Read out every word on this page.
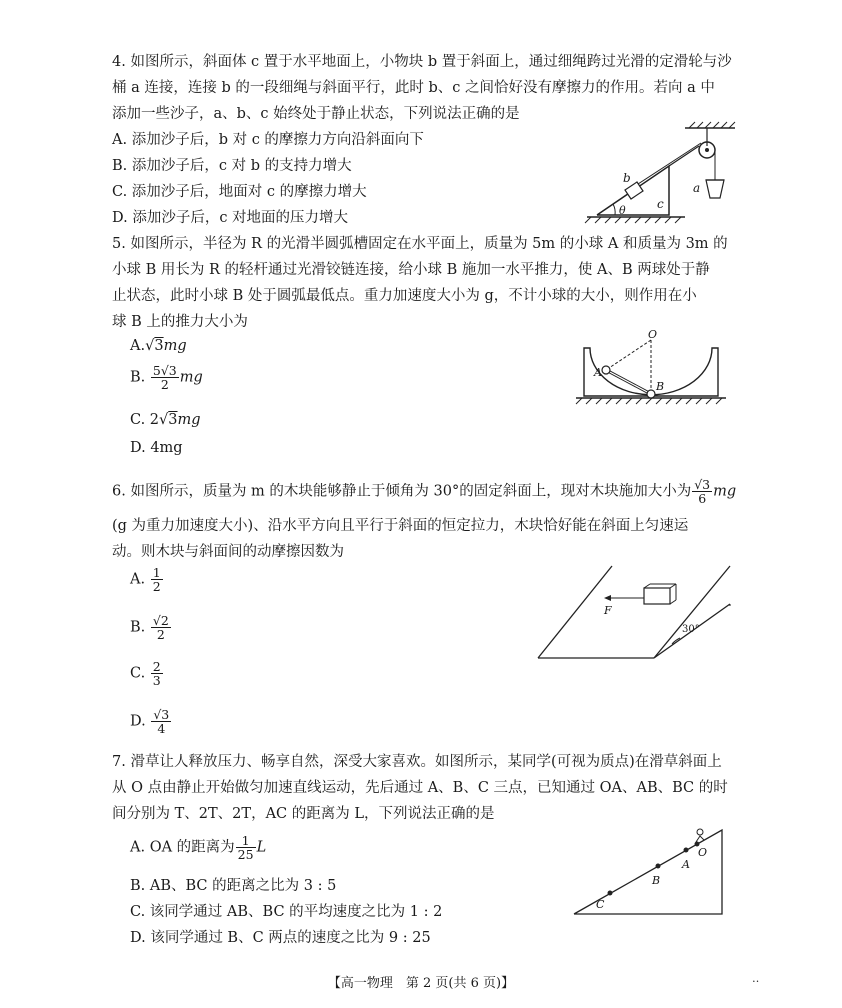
4. 如图所示，斜面体 c 置于水平地面上，小物块 b 置于斜面上，通过细绳跨过光滑的定滑轮与沙
桶 a 连接，连接 b 的一段细绳与斜面平行，此时 b、c 之间恰好没有摩擦力的作用。若向 a 中
添加一些沙子，a、b、c 始终处于静止状态，下列说法正确的是
A. 添加沙子后，b 对 c 的摩擦力方向沿斜面向下
B. 添加沙子后，c 对 b 的支持力增大
C. 添加沙子后，地面对 c 的摩擦力增大
D. 添加沙子后，c 对地面的压力增大
b
a
c
θ
5. 如图所示，半径为 R 的光滑半圆弧槽固定在水平面上，质量为 5m 的小球 A 和质量为 3m 的
小球 B 用长为 R 的轻杆通过光滑铰链连接，给小球 B 施加一水平推力，使 A、B 两球处于静
止状态，此时小球 B 处于圆弧最低点。重力加速度大小为 g，不计小球的大小，则作用在小
球 B 上的推力大小为
A.√3mg
B. $\frac{5√3}{2}$ mg
C. 2√3mg
D. 4mg
O
A
B
6. 如图所示，质量为 m 的木块能够静止于倾角为 30°的固定斜面上，现对木块施加大小为 $\frac{√3}{6}$ mg
(g 为重力加速度大小)、沿水平方向且平行于斜面的恒定拉力，木块恰好能在斜面上匀速运
动。则木块与斜面间的动摩擦因数为
A. $\frac{1}{2}$
B. $\frac{√2}{2}$
C. $\frac{2}{3}$
D. $\frac{√3}{4}$
F
30°
7. 滑草让人释放压力、畅享自然，深受大家喜欢。如图所示，某同学(可视为质点)在滑草斜面上
从 O 点由静止开始做匀加速直线运动，先后通过 A、B、C 三点，已知通过 OA、AB、BC 的时
间分别为 T、2T、2T，AC 的距离为 L，下列说法正确的是
A. OA 的距离为 $\frac{1}{25}$ L
B. AB、BC 的距离之比为 3 : 5
C. 该同学通过 AB、BC 的平均速度之比为 1 : 2
D. 该同学通过 B、C 两点的速度之比为 9 : 25
C
B
A
O
【高一物理　第 2 页(共 6 页)】	‥
